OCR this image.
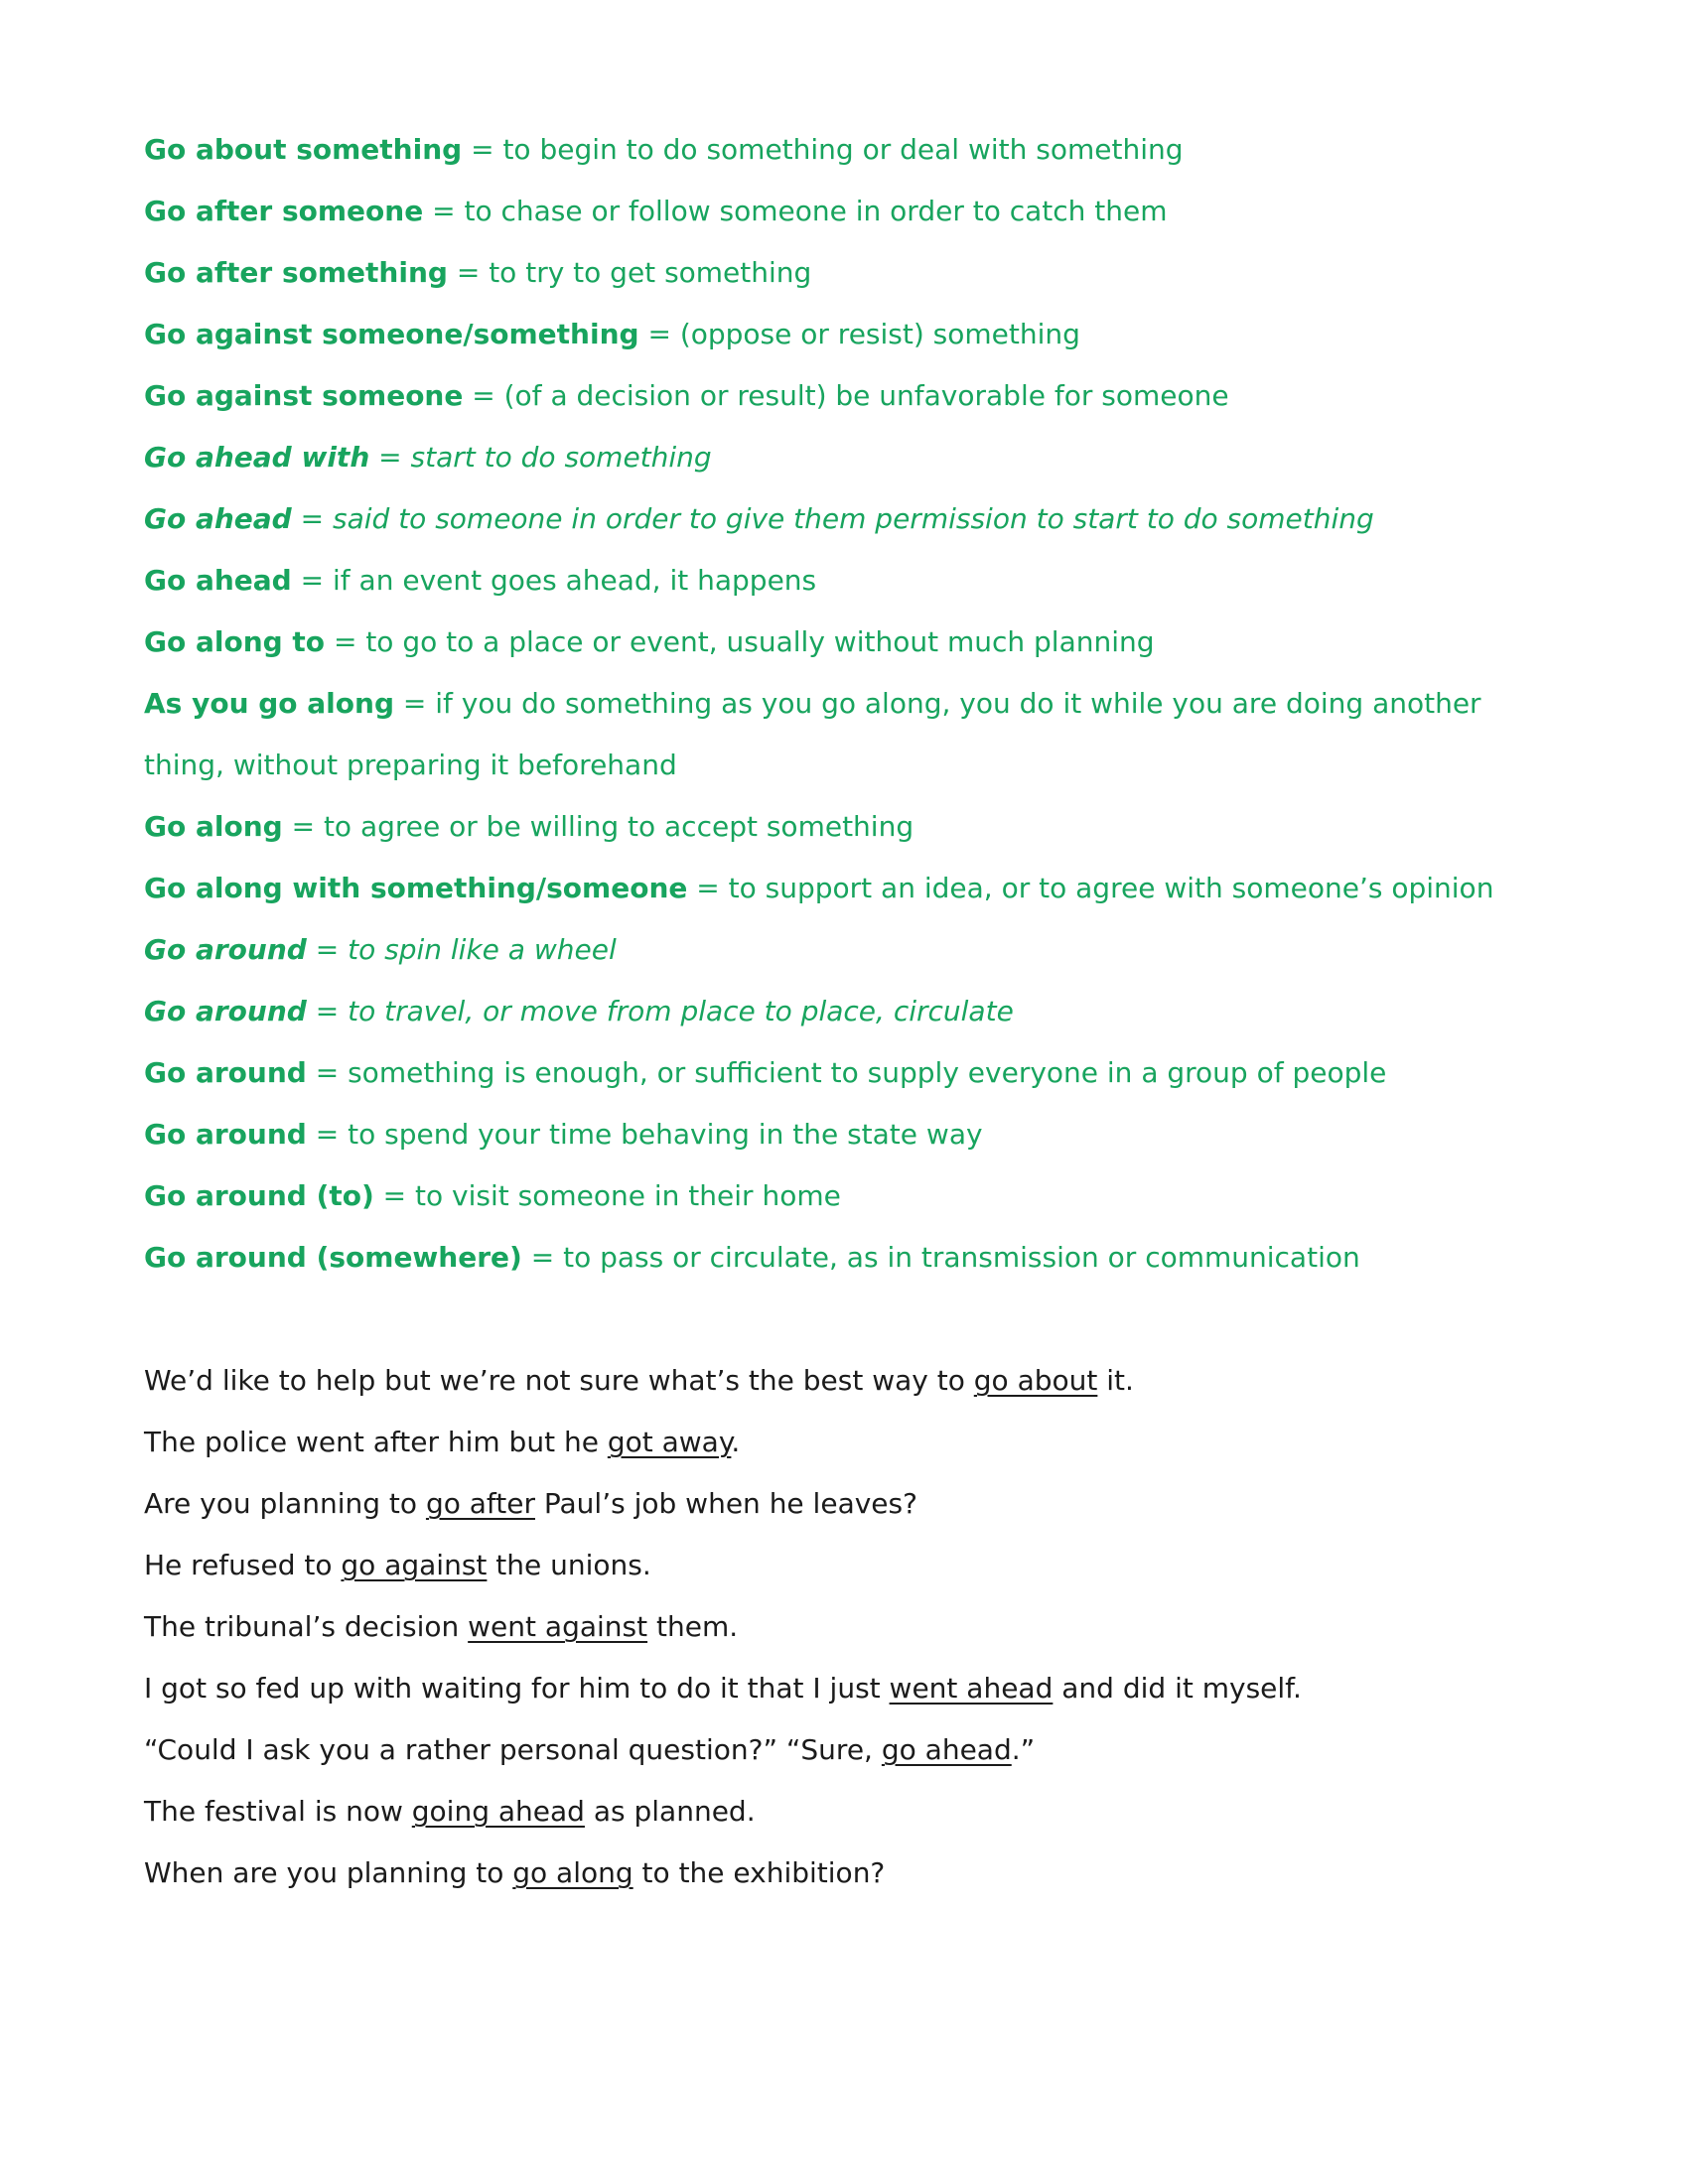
Go about something = to begin to do something or deal with something

Go after someone = to chase or follow someone in order to catch them

Go after something = to try to get something

Go against someone/something = (oppose or resist) something

Go against someone = (of a decision or result) be unfavorable for someone

Go ahead with = start to do something

Go ahead = said to someone in order to give them permission to start to do something

Go ahead = if an event goes ahead, it happens

Go along to = to go to a place or event, usually without much planning

As you go along = if you do something as you go along, you do it while you are doing another thing, without preparing it beforehand

Go along = to agree or be willing to accept something

Go along with something/someone = to support an idea, or to agree with someone’s opinion

Go around = to spin like a wheel

Go around = to travel, or move from place to place, circulate

Go around = something is enough, or sufficient to supply everyone in a group of people

Go around = to spend your time behaving in the state way

Go around (to) = to visit someone in their home

Go around (somewhere) = to pass or circulate, as in transmission or communication

We’d like to help but we’re not sure what’s the best way to go about it.

The police went after him but he got away.

Are you planning to go after Paul’s job when he leaves?

He refused to go against the unions.

The tribunal’s decision went against them.

I got so fed up with waiting for him to do it that I just went ahead and did it myself.

“Could I ask you a rather personal question?” “Sure, go ahead.”

The festival is now going ahead as planned.

When are you planning to go along to the exhibition?
